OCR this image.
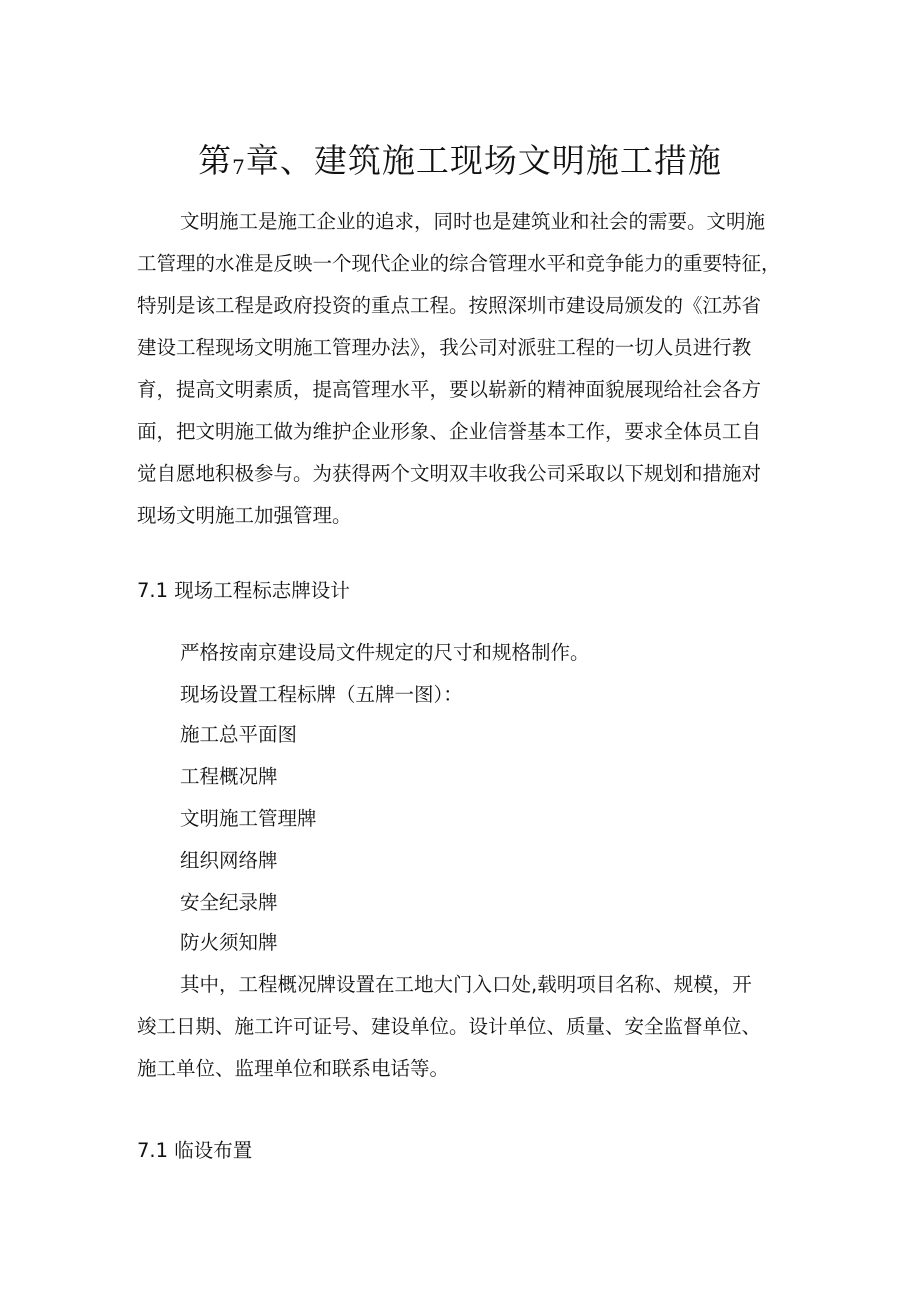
第7章、建筑施工现场文明施工措施
文明施工是施工企业的追求，同时也是建筑业和社会的需要。文明施
工管理的水准是反映一个现代企业的综合管理水平和竞争能力的重要特征，
特别是该工程是政府投资的重点工程。按照深圳市建设局颁发的《江苏省
建设工程现场文明施工管理办法》，我公司对派驻工程的一切人员进行教
育，提高文明素质，提高管理水平，要以崭新的精神面貌展现给社会各方
面，把文明施工做为维护企业形象、企业信誉基本工作，要求全体员工自
觉自愿地积极参与。为获得两个文明双丰收我公司采取以下规划和措施对
现场文明施工加强管理。
7.1 现场工程标志牌设计
严格按南京建设局文件规定的尺寸和规格制作。
现场设置工程标牌（五牌一图）：
施工总平面图
工程概况牌
文明施工管理牌
组织网络牌
安全纪录牌
防火须知牌
其中，工程概况牌设置在工地大门入口处,载明项目名称、规模，开
竣工日期、施工许可证号、建设单位。设计单位、质量、安全监督单位、
施工单位、监理单位和联系电话等。
7.1 临设布置
